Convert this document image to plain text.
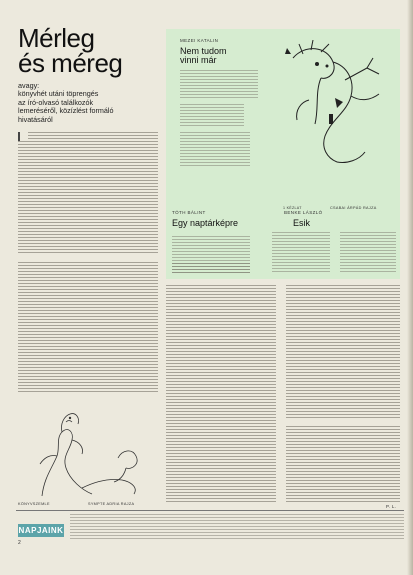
Mérleg
és méreg
avagy:
könyvhét utáni töprengés
az író-olvasó találkozók
lemeréséről, közízlést formáló
hivatásáról
KÖNYVSZEMLE	SYMPTE ADRIA RAJZA
MEZEI KATALIN
Nem tudom
vinni már
1 KÉZLAT	CSABAI ÁRPÁD RAJZA
TÓTH BÁLINT
Egy naptárképre
BENKE LÁSZLÓ
Esik
P. L.
NAPJAINK
2
